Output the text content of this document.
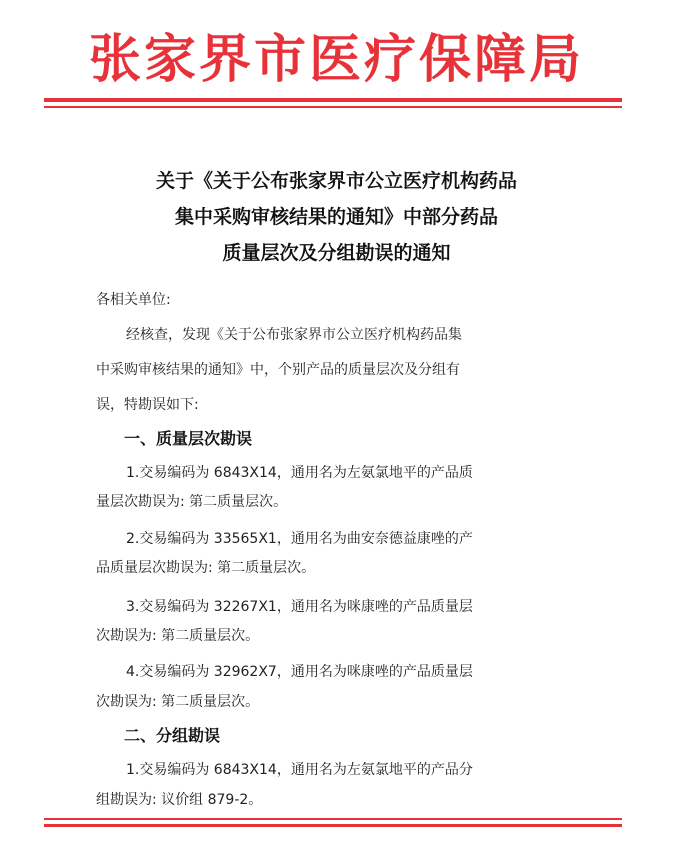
张家界市医疗保障局
关于《关于公布张家界市公立医疗机构药品
集中采购审核结果的通知》中部分药品
质量层次及分组勘误的通知
各相关单位:
经核查，发现《关于公布张家界市公立医疗机构药品集
中采购审核结果的通知》中，个别产品的质量层次及分组有
误，特勘误如下:
一、质量层次勘误
1.交易编码为 6843X14，通用名为左氨氯地平的产品质
量层次勘误为: 第二质量层次。
2.交易编码为 33565X1，通用名为曲安奈德益康唑的产
品质量层次勘误为: 第二质量层次。
3.交易编码为 32267X1，通用名为咪康唑的产品质量层
次勘误为: 第二质量层次。
4.交易编码为 32962X7，通用名为咪康唑的产品质量层
次勘误为: 第二质量层次。
二、分组勘误
1.交易编码为 6843X14，通用名为左氨氯地平的产品分
组勘误为: 议价组 879-2。
